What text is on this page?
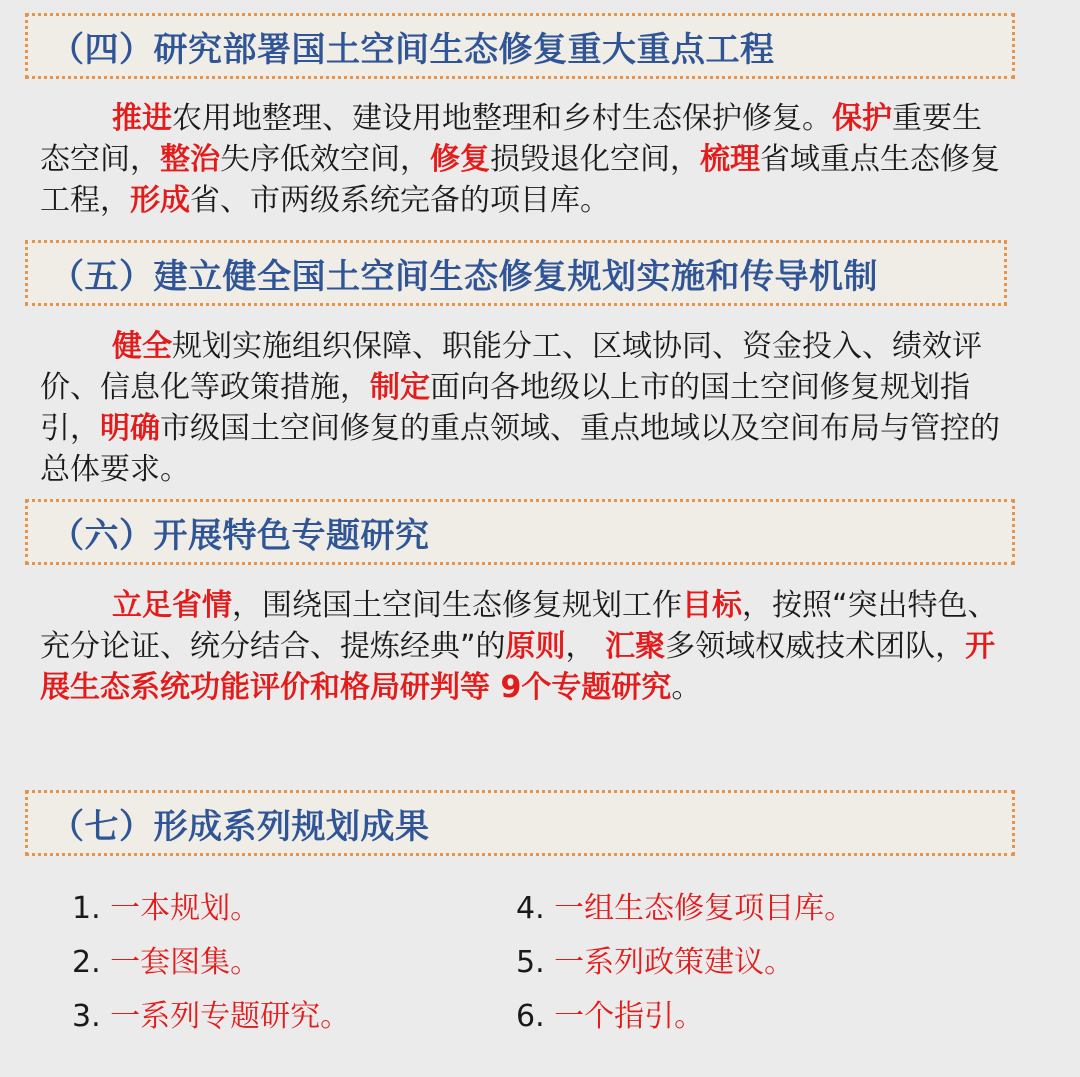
（四）研究部署国土空间生态修复重大重点工程

推进农用地整理、建设用地整理和乡村生态保护修复。保护重要生态空间，整治失序低效空间，修复损毁退化空间，梳理省域重点生态修复工程，形成省、市两级系统完备的项目库。

（五）建立健全国土空间生态修复规划实施和传导机制

健全规划实施组织保障、职能分工、区域协同、资金投入、绩效评价、信息化等政策措施，制定面向各地级以上市的国土空间修复规划指引，明确市级国土空间修复的重点领域、重点地域以及空间布局与管控的总体要求。

（六）开展特色专题研究

立足省情，围绕国土空间生态修复规划工作目标，按照“突出特色、充分论证、统分结合、提炼经典”的原则， 汇聚多领域权威技术团队，开展生态系统功能评价和格局研判等 9个专题研究。

（七）形成系列规划成果
1. 一本规划。	4. 一组生态修复项目库。
2. 一套图集。	5. 一系列政策建议。
3. 一系列专题研究。	6. 一个指引。
